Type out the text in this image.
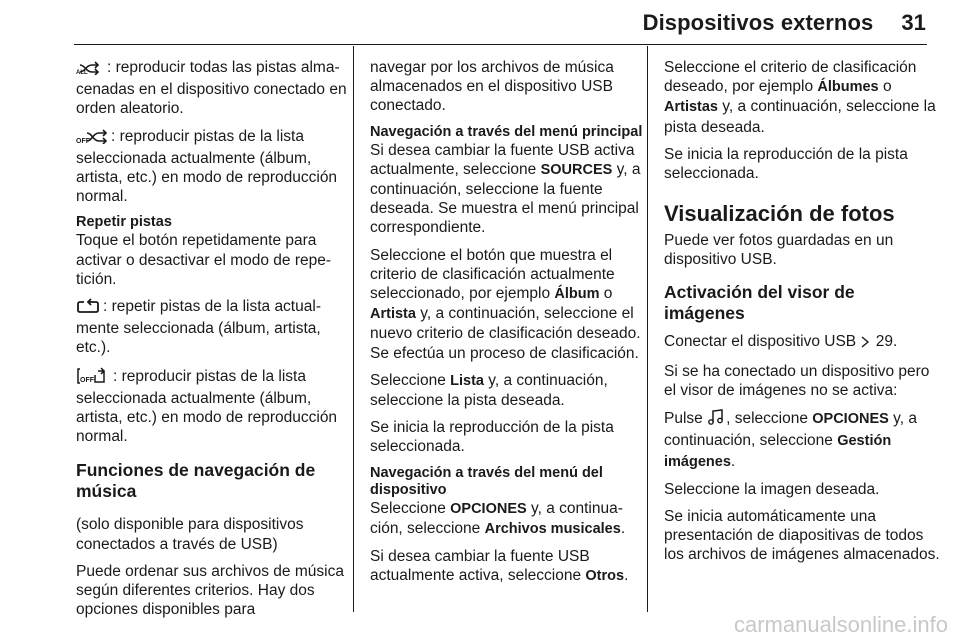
Dispositivos externos 31

ALL : reproducir todas las pistas almacenadas en el dispositivo conectado en orden aleatorio.

OFF : reproducir pistas de la lista seleccionada actualmente (álbum, artista, etc.) en modo de reproducción normal.

Repetir pistas

Toque el botón repetidamente para activar o desactivar el modo de repetición.

: repetir pistas de la lista actualmente seleccionada (álbum, artista, etc.).

OFF : reproducir pistas de la lista seleccionada actualmente (álbum, artista, etc.) en modo de reproducción normal.

Funciones de navegación de música

(solo disponible para dispositivos conectados a través de USB)

Puede ordenar sus archivos de música según diferentes criterios. Hay dos opciones disponibles para

navegar por los archivos de música almacenados en el dispositivo USB conectado.

Navegación a través del menú principal

Si desea cambiar la fuente USB activa actualmente, seleccione SOURCES y, a continuación, seleccione la fuente deseada. Se muestra el menú principal correspondiente.

Seleccione el botón que muestra el criterio de clasificación actualmente seleccionado, por ejemplo Álbum o Artista y, a continuación, seleccione el nuevo criterio de clasificación deseado. Se efectúa un proceso de clasificación.

Seleccione Lista y, a continuación, seleccione la pista deseada.

Se inicia la reproducción de la pista seleccionada.

Navegación a través del menú del dispositivo

Seleccione OPCIONES y, a continuación, seleccione Archivos musicales.

Si desea cambiar la fuente USB actualmente activa, seleccione Otros.

Seleccione el criterio de clasificación deseado, por ejemplo Álbumes o Artistas y, a continuación, seleccione la pista deseada.

Se inicia la reproducción de la pista seleccionada.

Visualización de fotos

Puede ver fotos guardadas en un dispositivo USB.

Activación del visor de imágenes

Conectar el dispositivo USB  29.

Si se ha conectado un dispositivo pero el visor de imágenes no se activa:

Pulse , seleccione OPCIONES y, a continuación, seleccione Gestión imágenes.

Seleccione la imagen deseada.

Se inicia automáticamente una presentación de diapositivas de todos los archivos de imágenes almacenados.

carmanualsonline.info
